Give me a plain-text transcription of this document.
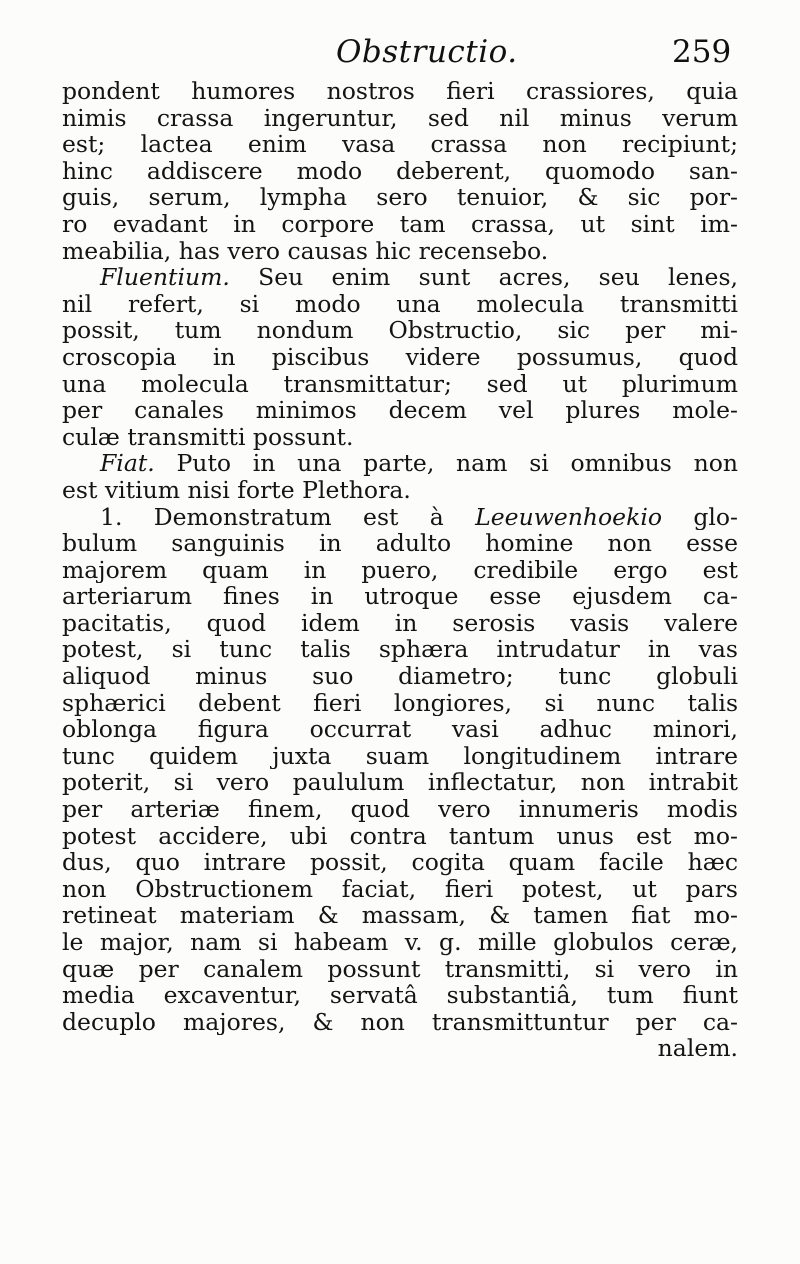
Obstructio.	259
pondent humores nostros fieri crassiores, quia
nimis crassa ingeruntur, sed nil minus verum
est; lactea enim vasa crassa non recipiunt;
hinc addiscere modo deberent, quomodo san-
guis, serum, lympha sero tenuior, & sic por-
ro evadant in corpore tam crassa, ut sint im-
meabilia, has vero causas hic recensebo.
Fluentium. Seu enim sunt acres, seu lenes,
nil refert, si modo una molecula transmitti
possit, tum nondum Obstructio, sic per mi-
croscopia in piscibus videre possumus, quod
una molecula transmittatur; sed ut plurimum
per canales minimos decem vel plures mole-
culæ transmitti possunt.
Fiat. Puto in una parte, nam si omnibus non
est vitium nisi forte Plethora.
1. Demonstratum est à Leeuwenhoekio glo-
bulum sanguinis in adulto homine non esse
majorem quam in puero, credibile ergo est
arteriarum fines in utroque esse ejusdem ca-
pacitatis, quod idem in serosis vasis valere
potest, si tunc talis sphæra intrudatur in vas
aliquod minus suo diametro; tunc globuli
sphærici debent fieri longiores, si nunc talis
oblonga figura occurrat vasi adhuc minori,
tunc quidem juxta suam longitudinem intrare
poterit, si vero paululum inflectatur, non intrabit
per arteriæ finem, quod vero innumeris modis
potest accidere, ubi contra tantum unus est mo-
dus, quo intrare possit, cogita quam facile hæc
non Obstructionem faciat, fieri potest, ut pars
retineat materiam & massam, & tamen fiat mo-
le major, nam si habeam v. g. mille globulos ceræ,
quæ per canalem possunt transmitti, si vero in
media excaventur, servatâ substantiâ, tum fiunt
decuplo majores, & non transmittuntur per ca-
nalem.
